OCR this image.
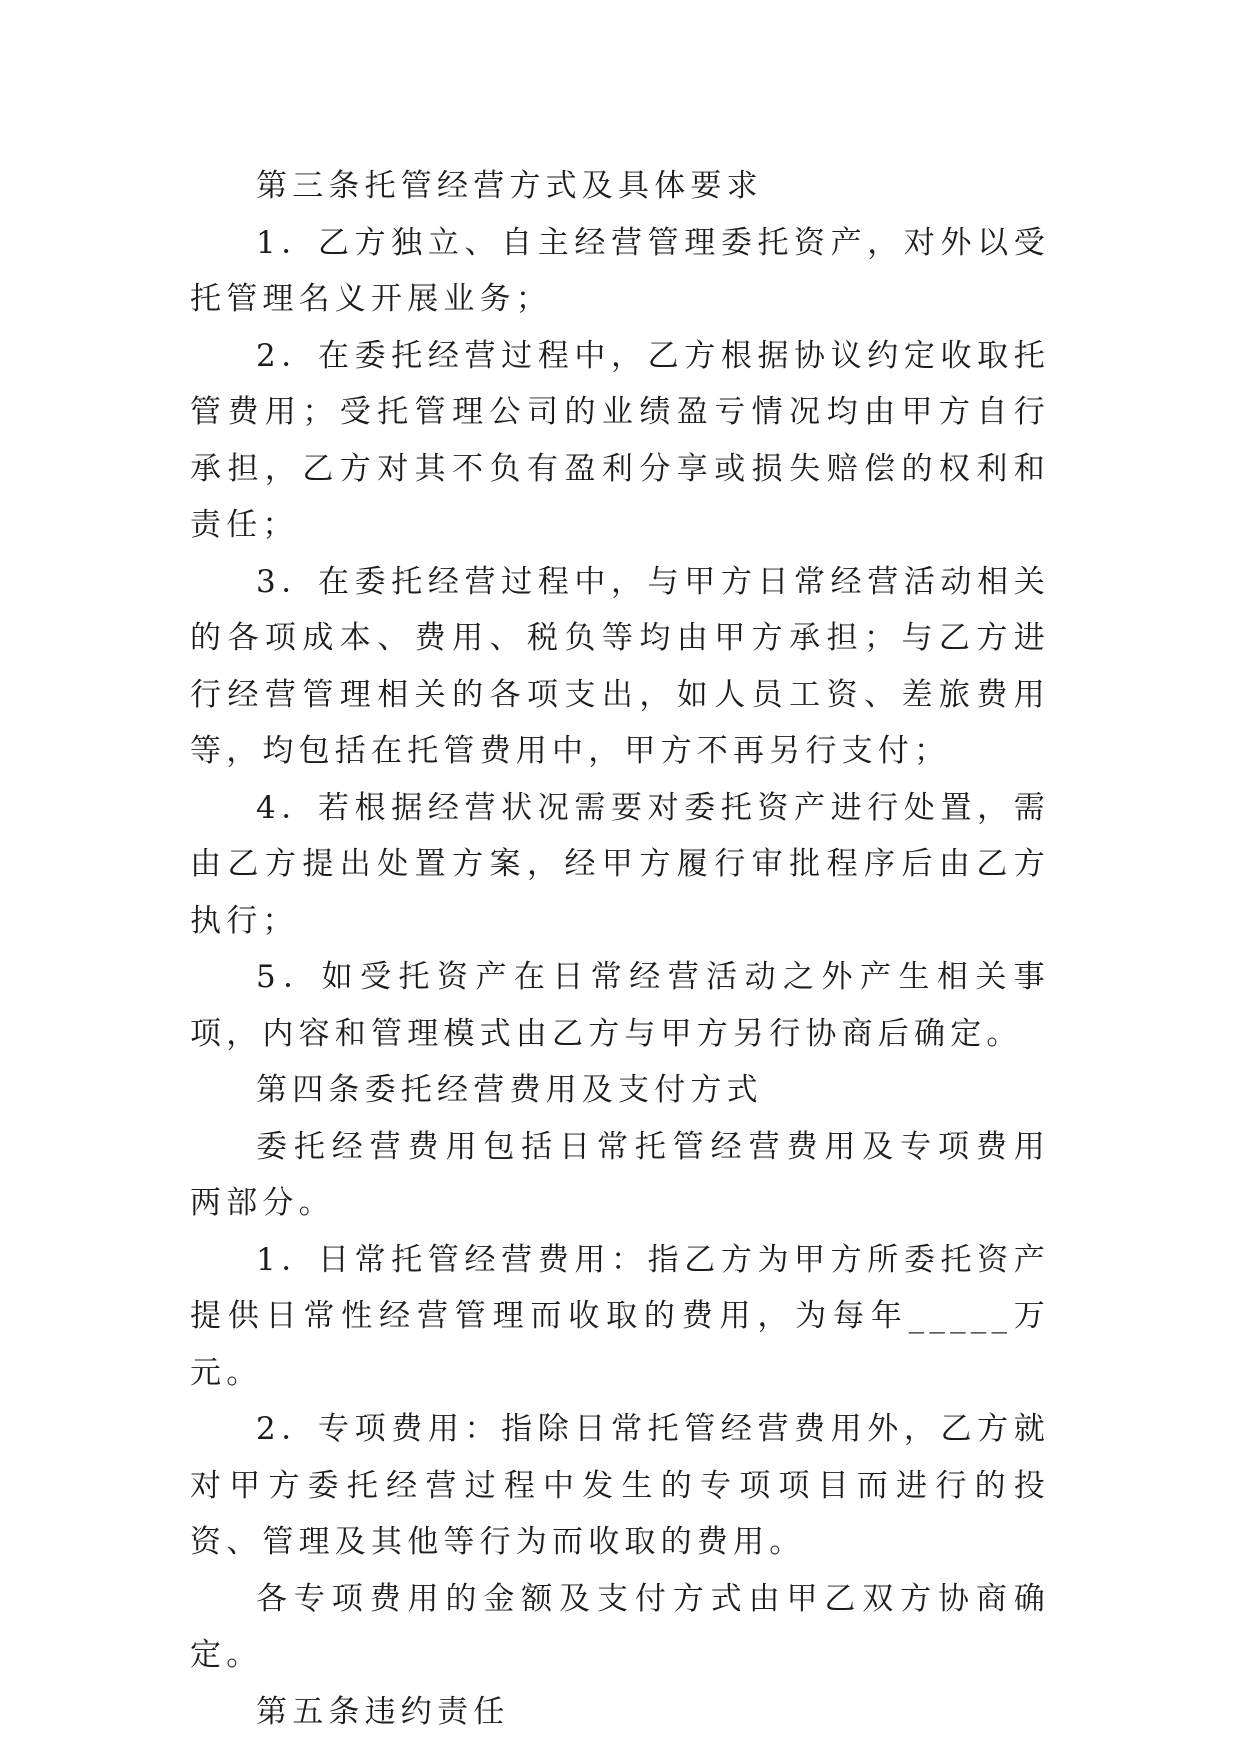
第三条托管经营方式及具体要求

1．乙方独立、自主经营管理委托资产，对外以受托管理名义开展业务；

2．在委托经营过程中，乙方根据协议约定收取托管费用；受托管理公司的业绩盈亏情况均由甲方自行承担，乙方对其不负有盈利分享或损失赔偿的权利和责任；

3．在委托经营过程中，与甲方日常经营活动相关的各项成本、费用、税负等均由甲方承担；与乙方进行经营管理相关的各项支出，如人员工资、差旅费用等，均包括在托管费用中，甲方不再另行支付；

4．若根据经营状况需要对委托资产进行处置，需由乙方提出处置方案，经甲方履行审批程序后由乙方执行；

5．如受托资产在日常经营活动之外产生相关事项，内容和管理模式由乙方与甲方另行协商后确定。

第四条委托经营费用及支付方式

委托经营费用包括日常托管经营费用及专项费用两部分。

1．日常托管经营费用：指乙方为甲方所委托资产提供日常性经营管理而收取的费用，为每年_____万元。

2．专项费用：指除日常托管经营费用外，乙方就对甲方委托经营过程中发生的专项项目而进行的投资、管理及其他等行为而收取的费用。

各专项费用的金额及支付方式由甲乙双方协商确定。

第五条违约责任
